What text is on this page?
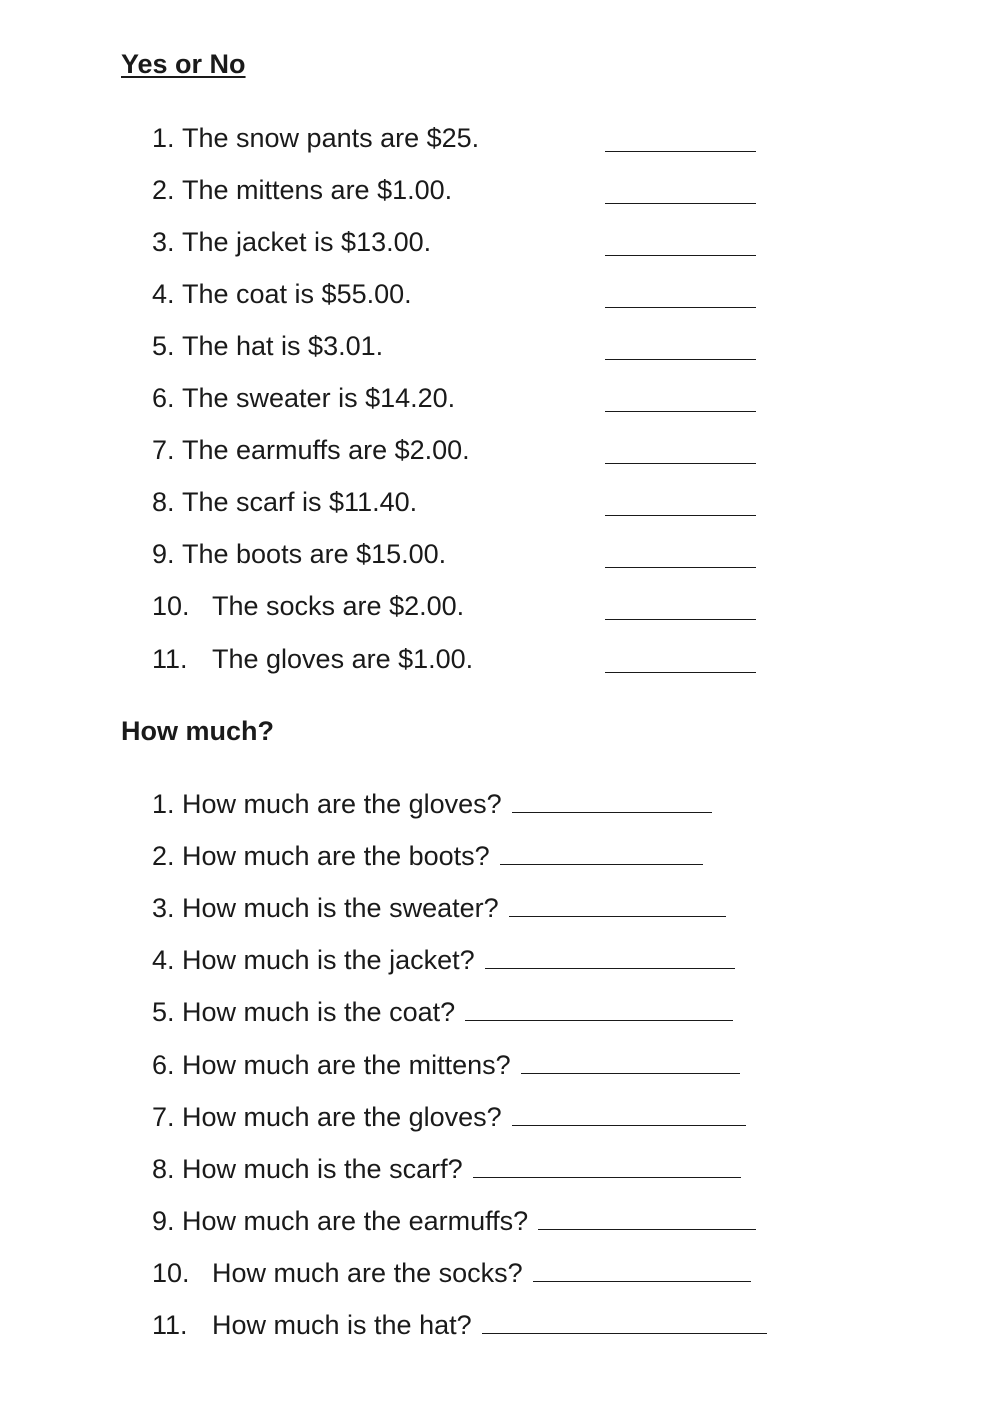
Yes or No
1. The snow pants are $25.
2. The mittens are $1.00.
3. The jacket is $13.00.
4. The coat is $55.00.
5. The hat is $3.01.
6. The sweater is $14.20.
7. The earmuffs are $2.00.
8. The scarf is $11.40.
9. The boots are $15.00.
10. The socks are $2.00.
11. The gloves are $1.00.
How much?
1. How much are the gloves?
2. How much are the boots?
3. How much is the sweater?
4. How much is the jacket?
5. How much is the coat?
6. How much are the mittens?
7. How much are the gloves?
8. How much is the scarf?
9. How much are the earmuffs?
10. How much are the socks?
11. How much is the hat?
